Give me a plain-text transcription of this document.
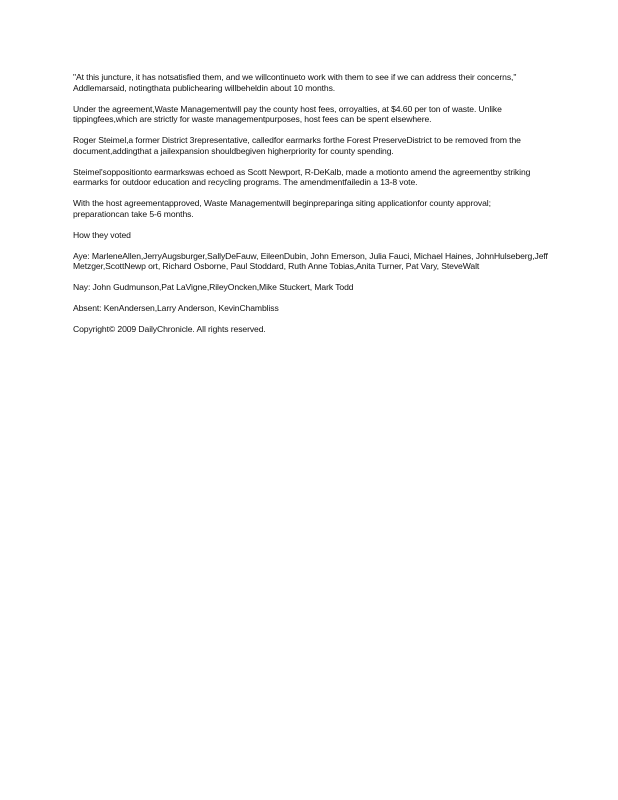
"At this juncture, it has notsatisfied them, and we willcontinueto work with them to see if we can address their concerns," Addlemarsaid, notingthata publichearing willbeheldin about 10 months.

Under the agreement,Waste Managementwill pay the county host fees, orroyalties, at $4.60 per ton of waste. Unlike tippingfees,which are strictly for waste managementpurposes, host fees can be spent elsewhere.

Roger Steimel,a former District 3representative, calledfor earmarks forthe Forest PreserveDistrict to be removed from the document,addingthat a jailexpansion shouldbegiven higherpriority for county spending.

Steimel'soppositionto earmarkswas echoed as Scott Newport, R-DeKalb, made a motionto amend the agreementby striking earmarks for outdoor education and recycling programs. The amendmentfailedin a 13-8 vote.

With the host agreementapproved, Waste Managementwill beginpreparinga siting applicationfor county approval; preparationcan take 5-6 months.

How they voted

Aye: MarleneAllen,JerryAugsburger,SallyDeFauw, EileenDubin, John Emerson, Julia Fauci, Michael Haines, JohnHulseberg,Jeff Metzger,ScottNewp ort, Richard Osborne, Paul Stoddard, Ruth Anne Tobias,Anita Turner, Pat Vary, SteveWalt

Nay: John Gudmunson,Pat LaVigne,RileyOncken,Mike Stuckert, Mark Todd

Absent: KenAndersen,Larry Anderson, KevinChambliss

Copyright© 2009 DailyChronicle. All rights reserved.
